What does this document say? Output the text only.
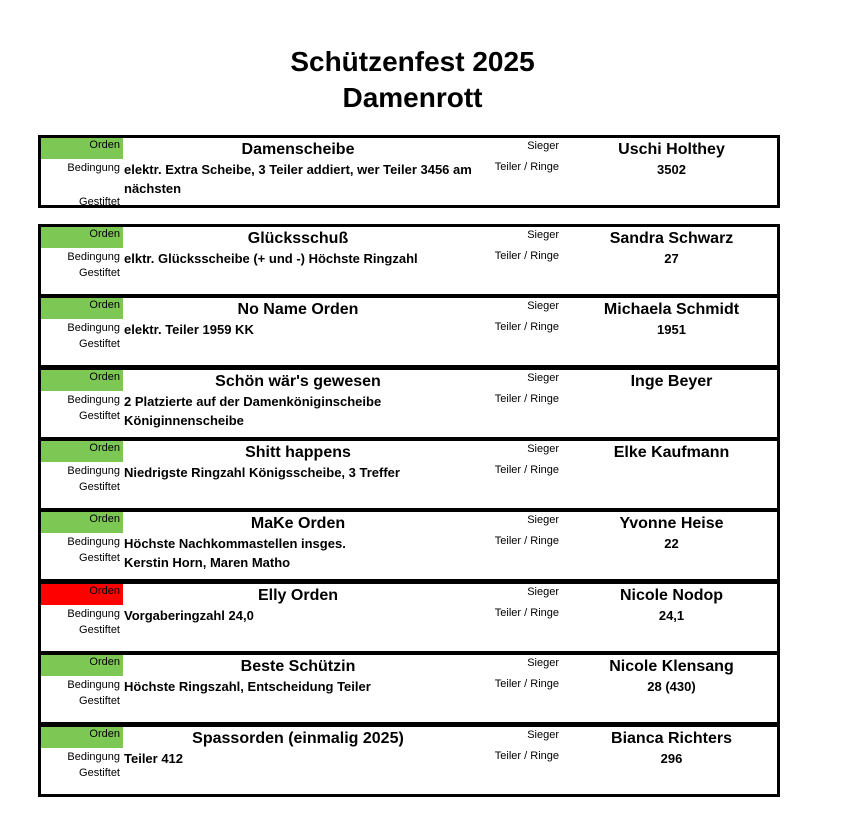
Schützenfest 2025
Damenrott
Orden
Bedingung
Gestiftet
Damenscheibe
elektr. Extra Scheibe, 3 Teiler addiert, wer Teiler 3456 am nächsten
Sieger
Teiler / Ringe
Uschi Holthey
3502
Orden
Bedingung
Gestiftet
Glücksschuß
elktr. Glücksscheibe (+ und -) Höchste Ringzahl
Sieger
Teiler / Ringe
Sandra Schwarz
27
Orden
Bedingung
Gestiftet
No Name Orden
elektr. Teiler 1959 KK
Sieger
Teiler / Ringe
Michaela Schmidt
1951
Orden
Bedingung
Gestiftet
Schön wär's gewesen
2 Platzierte auf der Damenköniginscheibe Königinnenscheibe
Sieger
Teiler / Ringe
Inge Beyer
Orden
Bedingung
Gestiftet
Shitt happens
Niedrigste Ringzahl Königsscheibe, 3 Treffer
Sieger
Teiler / Ringe
Elke Kaufmann
Orden
Bedingung
Gestiftet
MaKe Orden
Höchste Nachkommastellen insges. Kerstin Horn, Maren Matho
Sieger
Teiler / Ringe
Yvonne Heise
22
Orden
Bedingung
Gestiftet
Elly Orden
Vorgaberingzahl 24,0
Sieger
Teiler / Ringe
Nicole Nodop
24,1
Orden
Bedingung
Gestiftet
Beste Schützin
Höchste Ringszahl, Entscheidung Teiler
Sieger
Teiler / Ringe
Nicole Klensang
28 (430)
Orden
Bedingung
Gestiftet
Spassorden (einmalig 2025)
Teiler 412
Sieger
Teiler / Ringe
Bianca Richters
296
